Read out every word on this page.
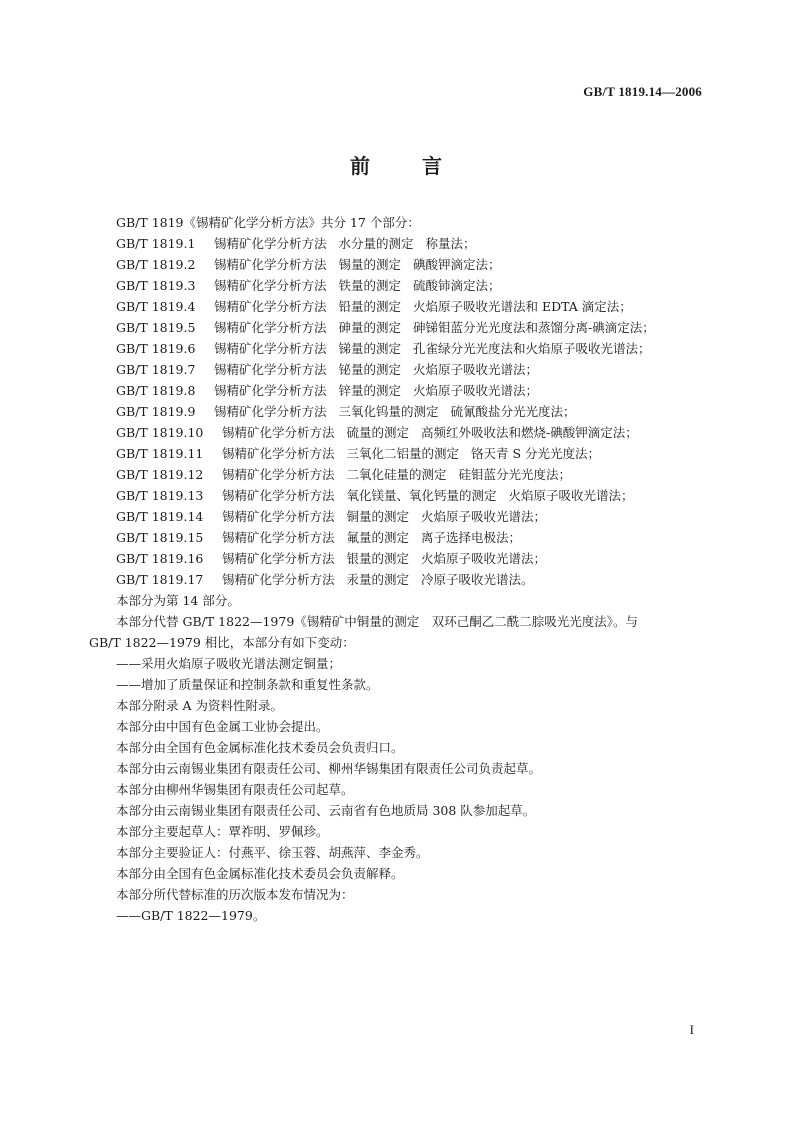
GB/T 1819.14—2006
前	言
GB/T 1819《锡精矿化学分析方法》共分 17 个部分：
GB/T 1819.1 锡精矿化学分析方法 水分量的测定 称量法；
GB/T 1819.2 锡精矿化学分析方法 锡量的测定 碘酸钾滴定法；
GB/T 1819.3 锡精矿化学分析方法 铁量的测定 硫酸铈滴定法；
GB/T 1819.4 锡精矿化学分析方法 铅量的测定 火焰原子吸收光谱法和 EDTA 滴定法；
GB/T 1819.5 锡精矿化学分析方法 砷量的测定 砷锑钼蓝分光光度法和蒸馏分离-碘滴定法；
GB/T 1819.6 锡精矿化学分析方法 锑量的测定 孔雀绿分光光度法和火焰原子吸收光谱法；
GB/T 1819.7 锡精矿化学分析方法 铋量的测定 火焰原子吸收光谱法；
GB/T 1819.8 锡精矿化学分析方法 锌量的测定 火焰原子吸收光谱法；
GB/T 1819.9 锡精矿化学分析方法 三氧化钨量的测定 硫氰酸盐分光光度法；
GB/T 1819.10 锡精矿化学分析方法 硫量的测定 高频红外吸收法和燃烧-碘酸钾滴定法；
GB/T 1819.11 锡精矿化学分析方法 三氧化二铝量的测定 铬天青 S 分光光度法；
GB/T 1819.12 锡精矿化学分析方法 二氧化硅量的测定 硅钼蓝分光光度法；
GB/T 1819.13 锡精矿化学分析方法 氧化镁量、氧化钙量的测定 火焰原子吸收光谱法；
GB/T 1819.14 锡精矿化学分析方法 铜量的测定 火焰原子吸收光谱法；
GB/T 1819.15 锡精矿化学分析方法 氟量的测定 离子选择电极法；
GB/T 1819.16 锡精矿化学分析方法 银量的测定 火焰原子吸收光谱法；
GB/T 1819.17 锡精矿化学分析方法 汞量的测定 冷原子吸收光谱法。
本部分为第 14 部分。
本部分代替 GB/T 1822—1979《锡精矿中铜量的测定　双环己酮乙二酰二腙吸光光度法》。与
GB/T 1822—1979 相比，本部分有如下变动：
——采用火焰原子吸收光谱法测定铜量；
——增加了质量保证和控制条款和重复性条款。
本部分附录 A 为资料性附录。
本部分由中国有色金属工业协会提出。
本部分由全国有色金属标准化技术委员会负责归口。
本部分由云南锡业集团有限责任公司、柳州华锡集团有限责任公司负责起草。
本部分由柳州华锡集团有限责任公司起草。
本部分由云南锡业集团有限责任公司、云南省有色地质局 308 队参加起草。
本部分主要起草人：覃祚明、罗佩珍。
本部分主要验证人：付燕平、徐玉蓉、胡燕萍、李金秀。
本部分由全国有色金属标准化技术委员会负责解释。
本部分所代替标准的历次版本发布情况为：
——GB/T 1822—1979。
I
